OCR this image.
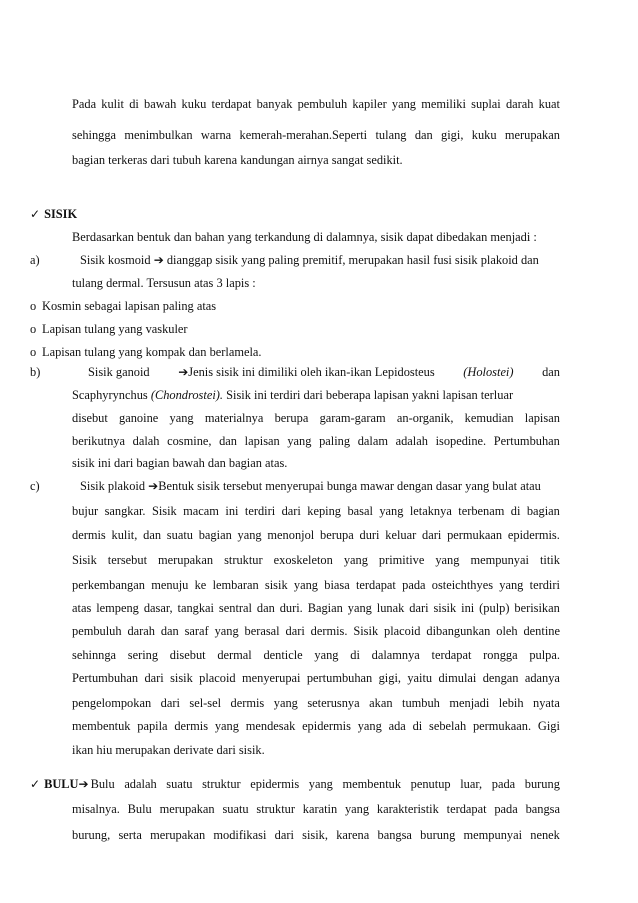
Pada kulit di bawah kuku terdapat banyak pembuluh kapiler yang memiliki suplai darah kuat
sehingga menimbulkan warna kemerah-merahan.Seperti tulang dan gigi, kuku merupakan
bagian terkeras dari tubuh karena kandungan airnya sangat sedikit.
✓ SISIK
Berdasarkan bentuk dan bahan yang terkandung di dalamnya, sisik dapat dibedakan menjadi :
a)	Sisik kosmoid ➔ dianggap sisik yang paling premitif, merupakan hasil fusi sisik plakoid dan
tulang dermal. Tersusun atas 3 lapis :
o Kosmin sebagai lapisan paling atas
o Lapisan tulang yang vaskuler
o Lapisan tulang yang kompak dan berlamela.
b)	Sisik ganoid ➔Jenis sisik ini dimiliki oleh ikan-ikan Lepidosteus (Holostei) dan
Scaphyrynchus (Chondrostei). Sisik ini terdiri dari beberapa lapisan yakni lapisan terluar
disebut ganoine yang materialnya berupa garam-garam an-organik, kemudian lapisan
berikutnya dalah cosmine, dan lapisan yang paling dalam adalah isopedine. Pertumbuhan
sisik ini dari bagian bawah dan bagian atas.
c)	Sisik plakoid ➔Bentuk sisik tersebut menyerupai bunga mawar dengan dasar yang bulat atau
bujur sangkar. Sisik macam ini terdiri dari keping basal yang letaknya terbenam di bagian
dermis kulit, dan suatu bagian yang menonjol berupa duri keluar dari permukaan epidermis.
Sisik tersebut merupakan struktur exoskeleton yang primitive yang mempunyai titik
perkembangan menuju ke lembaran sisik yang biasa terdapat pada osteichthyes yang terdiri
atas lempeng dasar, tangkai sentral dan duri. Bagian yang lunak dari sisik ini (pulp) berisikan
pembuluh darah dan saraf yang berasal dari dermis. Sisik placoid dibangunkan oleh dentine
sehinnga sering disebut dermal denticle yang di dalamnya terdapat rongga pulpa.
Pertumbuhan dari sisik placoid menyerupai pertumbuhan gigi, yaitu dimulai dengan adanya
pengelompokan dari sel-sel dermis yang seterusnya akan tumbuh menjadi lebih nyata
membentuk papila dermis yang mendesak epidermis yang ada di sebelah permukaan. Gigi
ikan hiu merupakan derivate dari sisik.
✓ BULU➔ Bulu adalah suatu struktur epidermis yang membentuk penutup luar, pada burung
misalnya. Bulu merupakan suatu struktur karatin yang karakteristik terdapat pada bangsa
burung, serta merupakan modifikasi dari sisik, karena bangsa burung mempunyai nenek
